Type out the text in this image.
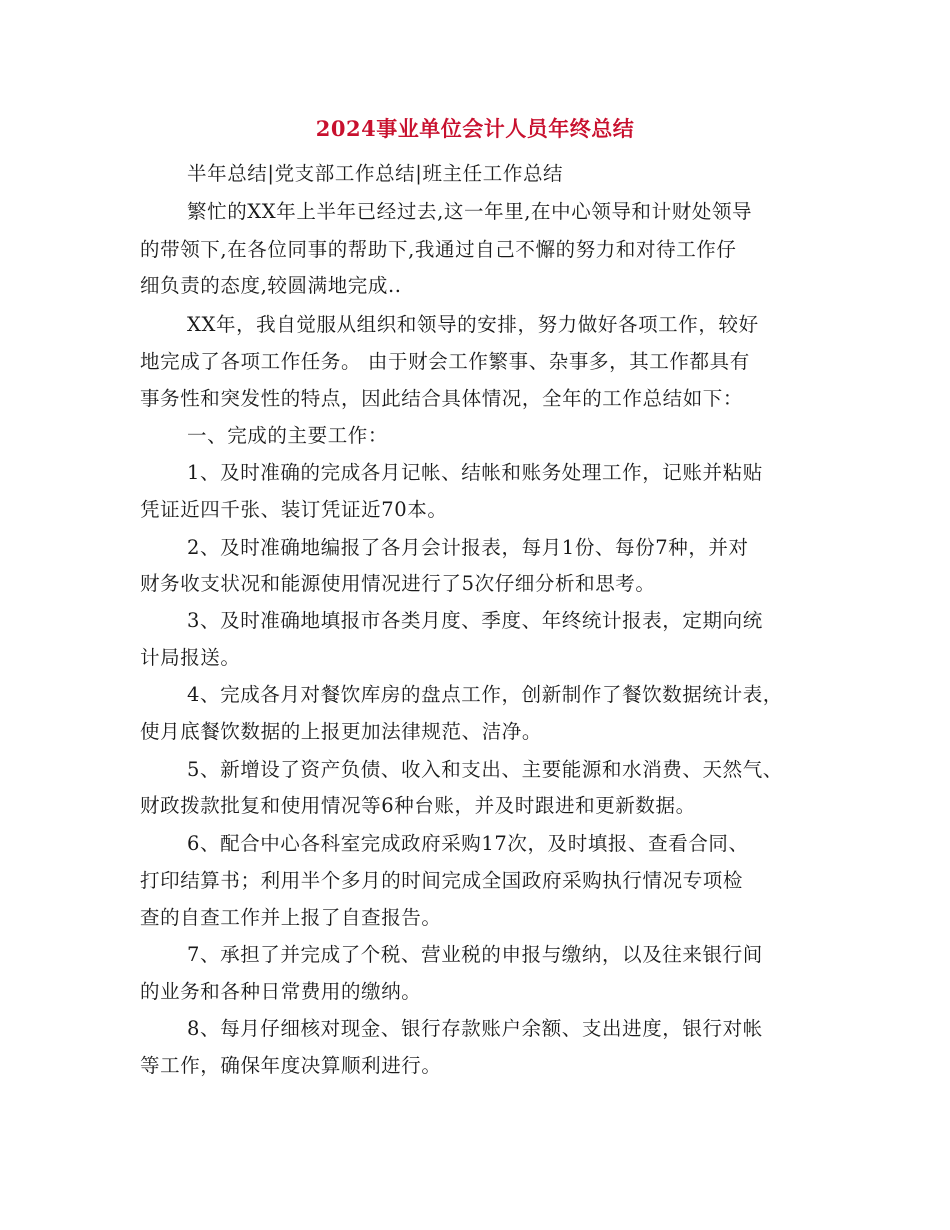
2024事业单位会计人员年终总结
半年总结|党支部工作总结|班主任工作总结
繁忙的XX年上半年已经过去,这一年里,在中心领导和计财处领导
的带领下,在各位同事的帮助下,我通过自己不懈的努力和对待工作仔
细负责的态度,较圆满地完成..
XX年，我自觉服从组织和领导的安排，努力做好各项工作，较好
地完成了各项工作任务。 由于财会工作繁事、杂事多，其工作都具有
事务性和突发性的特点，因此结合具体情况，全年的工作总结如下：
一、完成的主要工作：
1、及时准确的完成各月记帐、结帐和账务处理工作，记账并粘贴
凭证近四千张、装订凭证近70本。
2、及时准确地编报了各月会计报表，每月1份、每份7种，并对
财务收支状况和能源使用情况进行了5次仔细分析和思考。
3、及时准确地填报市各类月度、季度、年终统计报表，定期向统
计局报送。
4、完成各月对餐饮库房的盘点工作，创新制作了餐饮数据统计表，
使月底餐饮数据的上报更加法律规范、洁净。
5、新增设了资产负债、收入和支出、主要能源和水消费、天然气、
财政拨款批复和使用情况等6种台账，并及时跟进和更新数据。
6、配合中心各科室完成政府采购17次，及时填报、查看合同、
打印结算书；利用半个多月的时间完成全国政府采购执行情况专项检
查的自查工作并上报了自查报告。
7、承担了并完成了个税、营业税的申报与缴纳，以及往来银行间
的业务和各种日常费用的缴纳。
8、每月仔细核对现金、银行存款账户余额、支出进度，银行对帐
等工作，确保年度决算顺利进行。
